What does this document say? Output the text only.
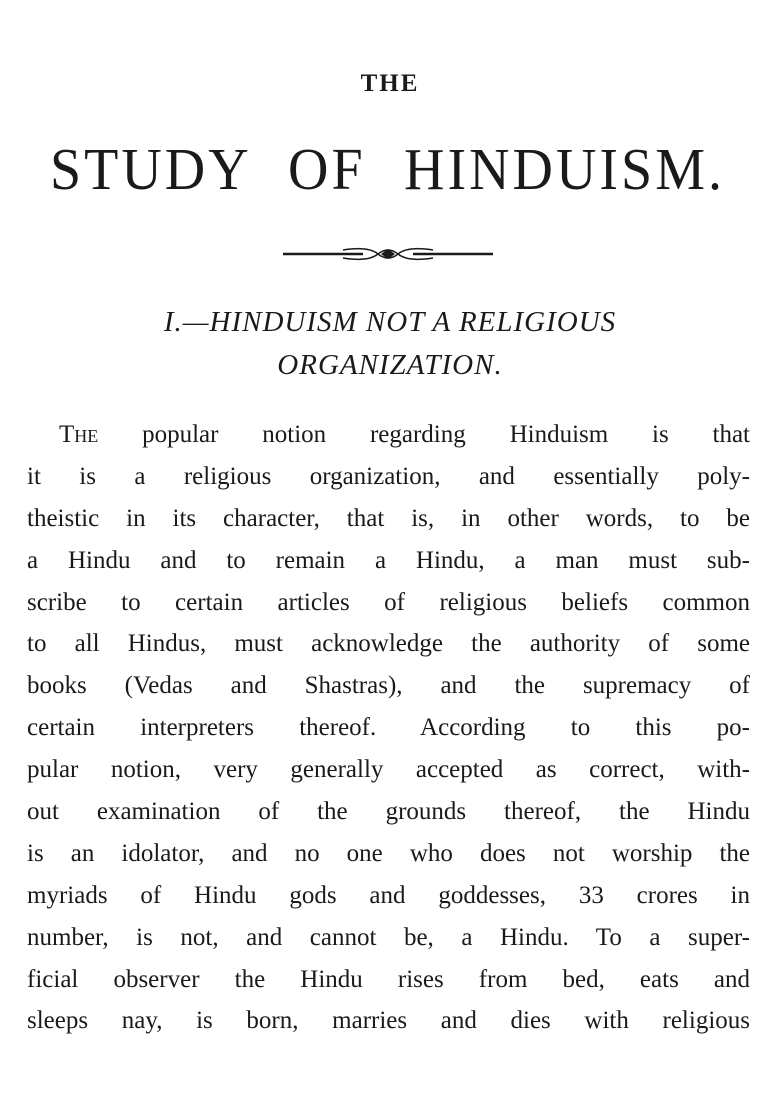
THE
STUDY OF HINDUISM.
I.—HINDUISM NOT A RELIGIOUS
ORGANIZATION.
The popular notion regarding Hinduism is that
it is a religious organization, and essentially poly-
theistic in its character, that is, in other words, to be
a Hindu and to remain a Hindu, a man must sub-
scribe to certain articles of religious beliefs common
to all Hindus, must acknowledge the authority of some
books (Vedas and Shastras), and the supremacy of
certain interpreters thereof. According to this po-
pular notion, very generally accepted as correct, with-
out examination of the grounds thereof, the Hindu
is an idolator, and no one who does not worship the
myriads of Hindu gods and goddesses, 33 crores in
number, is not, and cannot be, a Hindu. To a super-
ficial observer the Hindu rises from bed, eats and
sleeps nay, is born, marries and dies with religious
